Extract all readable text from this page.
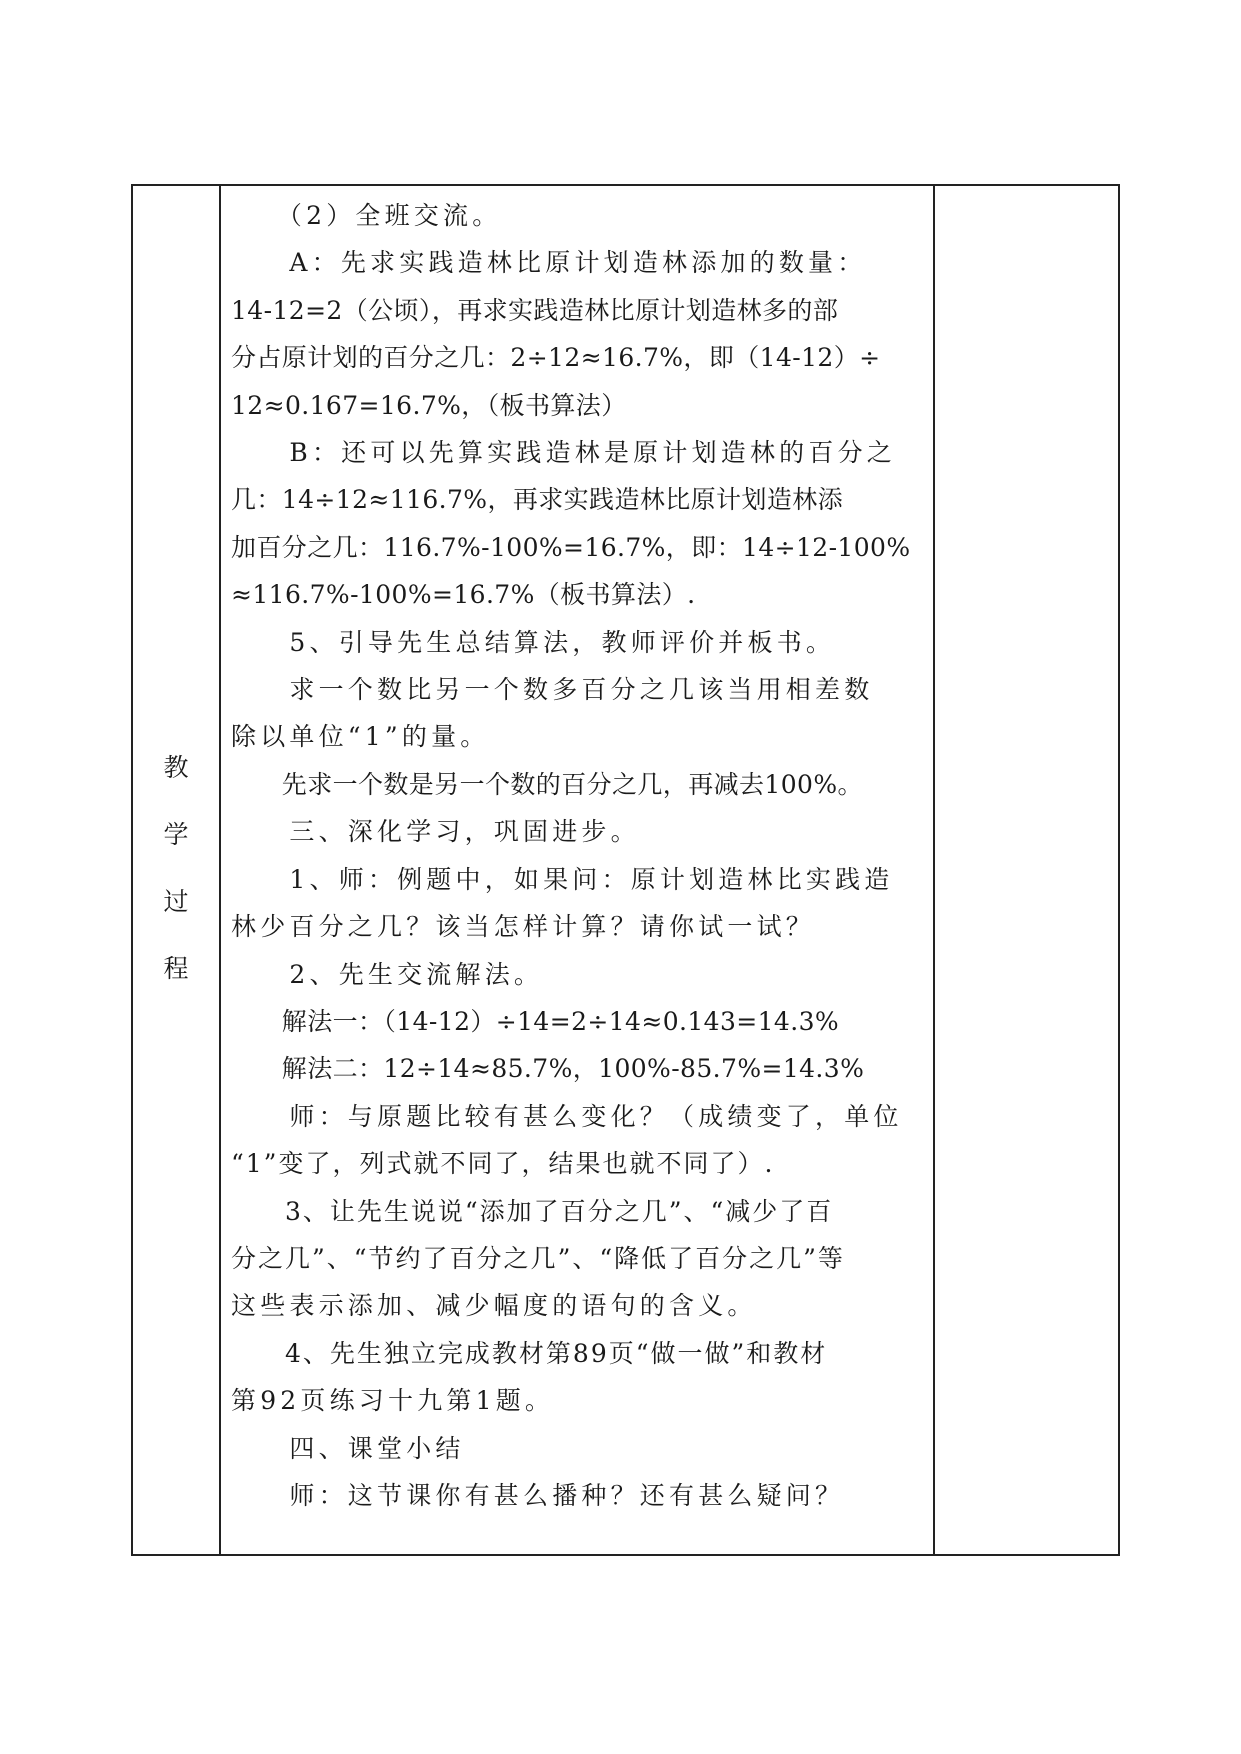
教
学
过
程

　　（2）全班交流。

　　A：先求实践造林比原计划造林添加的数量：

14-12=2（公顷），再求实践造林比原计划造林多的部

分占原计划的百分之几：2÷12≈16.7%，即（14-12）÷

12≈0.167=16.7%，（板书算法）

　　B：还可以先算实践造林是原计划造林的百分之

几：14÷12≈116.7%，再求实践造林比原计划造林添

加百分之几：116.7%-100%=16.7%，即：14÷12-100%

≈116.7%-100%=16.7%（板书算法）.

　　5、引导先生总结算法，教师评价并板书。

　　求一个数比另一个数多百分之几该当用相差数

除以单位“1”的量。

　　先求一个数是另一个数的百分之几，再减去100%。

　　三、深化学习，巩固进步。

　　1、师：例题中，如果问：原计划造林比实践造

林少百分之几？该当怎样计算？请你试一试？

　　2、先生交流解法。

　　解法一：（14-12）÷14=2÷14≈0.143=14.3%

　　解法二：12÷14≈85.7%，100%-85.7%=14.3%

　　师：与原题比较有甚么变化？（成绩变了，单位

“1”变了，列式就不同了，结果也就不同了）.

　　3、让先生说说“添加了百分之几”、“减少了百

分之几”、“节约了百分之几”、“降低了百分之几”等

这些表示添加、减少幅度的语句的含义。

　　4、先生独立完成教材第89页“做一做”和教材

第92页练习十九第1题。

　　四、课堂小结

　　师：这节课你有甚么播种？还有甚么疑问？
